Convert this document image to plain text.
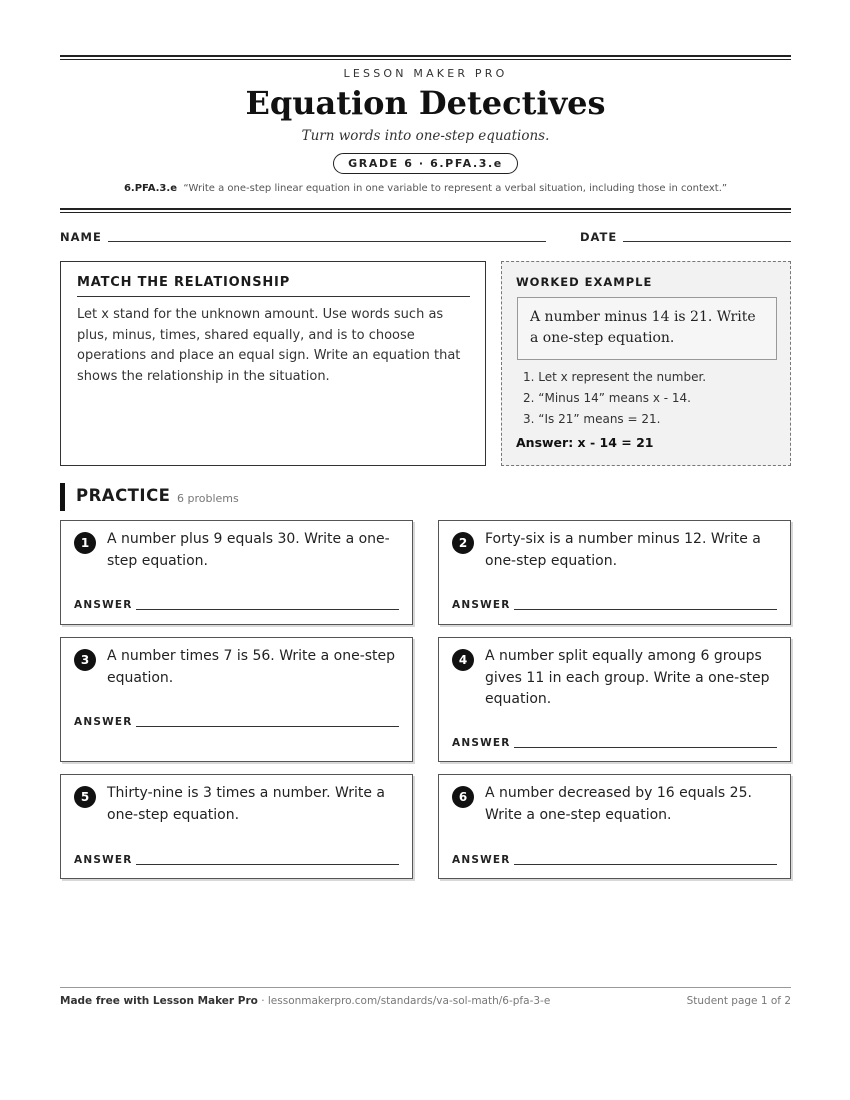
LESSON MAKER PRO
Equation Detectives
Turn words into one-step equations.
GRADE 6 · 6.PFA.3.e
6.PFA.3.e “Write a one-step linear equation in one variable to represent a verbal situation, including those in context.”
NAME	DATE
MATCH THE RELATIONSHIP

Let x stand for the unknown amount. Use words such as plus, minus, times, shared equally, and is to choose operations and place an equal sign. Write an equation that shows the relationship in the situation.

WORKED EXAMPLE
A number minus 14 is 21. Write a one-step equation.
1. Let x represent the number.
2. “Minus 14” means x - 14.
3. “Is 21” means = 21.
Answer: x - 14 = 21
PRACTICE 6 problems
1	A number plus 9 equals 30. Write a one-step equation.
ANSWER
2	Forty-six is a number minus 12. Write a one-step equation.
ANSWER
3	A number times 7 is 56. Write a one-step equation.
ANSWER
4	A number split equally among 6 groups gives 11 in each group. Write a one-step equation.
ANSWER
5	Thirty-nine is 3 times a number. Write a one-step equation.
ANSWER
6	A number decreased by 16 equals 25. Write a one-step equation.
ANSWER
Made free with Lesson Maker Pro · lessonmakerpro.com/standards/va-sol-math/6-pfa-3-e	Student page 1 of 2
